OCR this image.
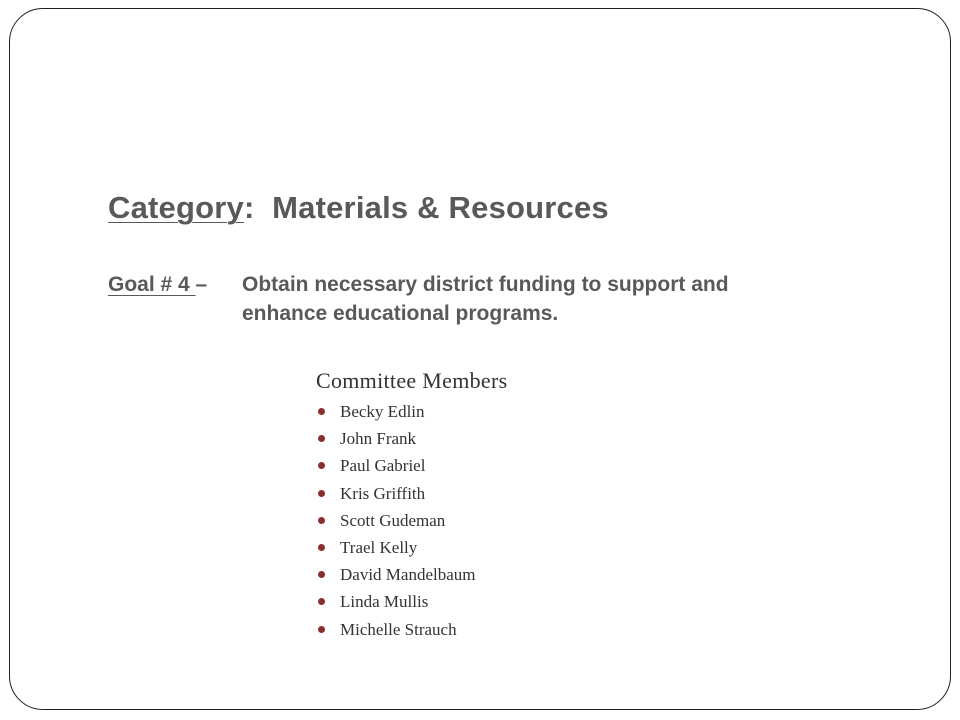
Category:  Materials & Resources
Goal # 4 –	Obtain necessary district funding to support and
enhance educational programs.
Committee Members
Becky Edlin
John Frank
Paul Gabriel
Kris Griffith
Scott Gudeman
Trael Kelly
David Mandelbaum
Linda Mullis
Michelle Strauch
